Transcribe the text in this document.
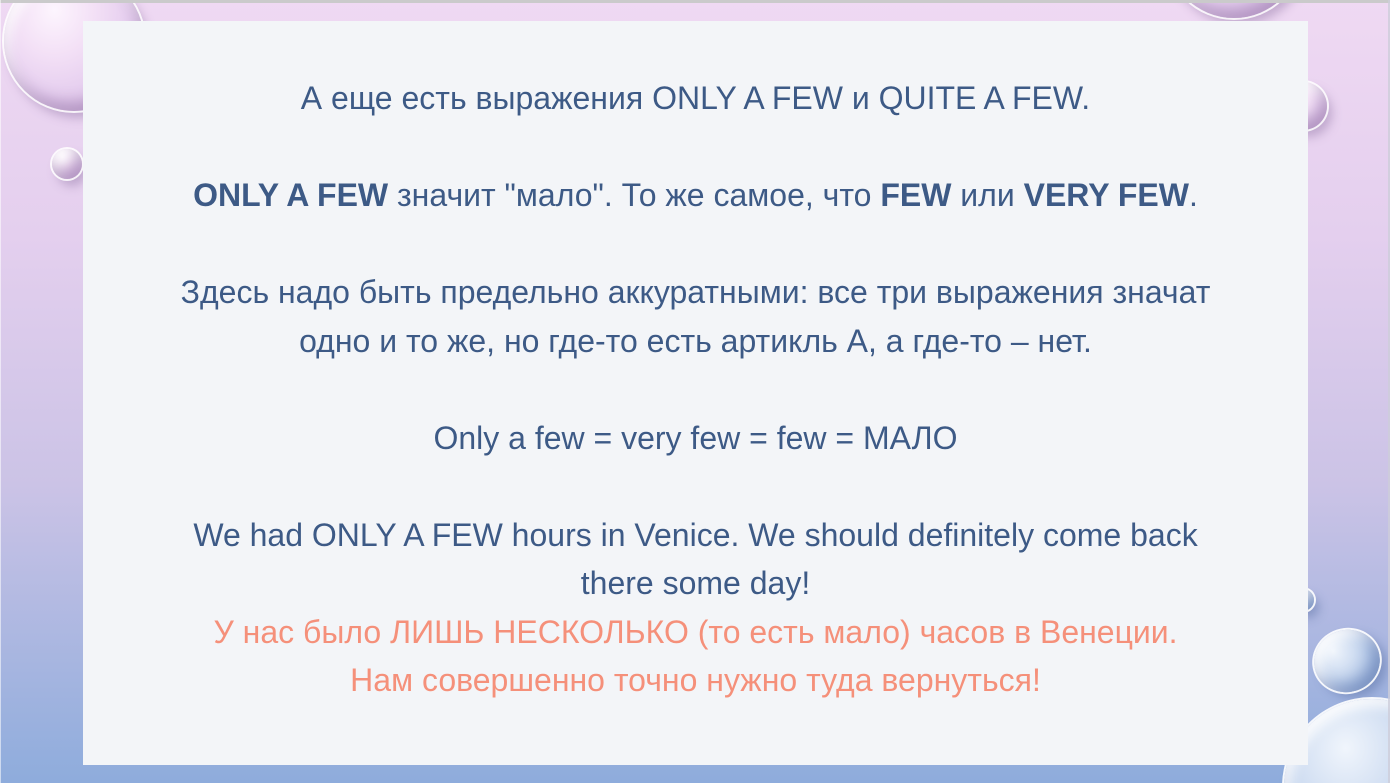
А еще есть выражения ONLY A FEW и QUITE A FEW.

ONLY A FEW значит "мало". То же самое, что FEW или VERY FEW.

Здесь надо быть предельно аккуратными: все три выражения значат
одно и то же, но где-то есть артикль A, а где-то – нет.

Only a few = very few = few = МАЛО

We had ONLY A FEW hours in Venice. We should definitely come back
there some day!
У нас было ЛИШЬ НЕСКОЛЬКО (то есть мало) часов в Венеции.
Нам совершенно точно нужно туда вернуться!
